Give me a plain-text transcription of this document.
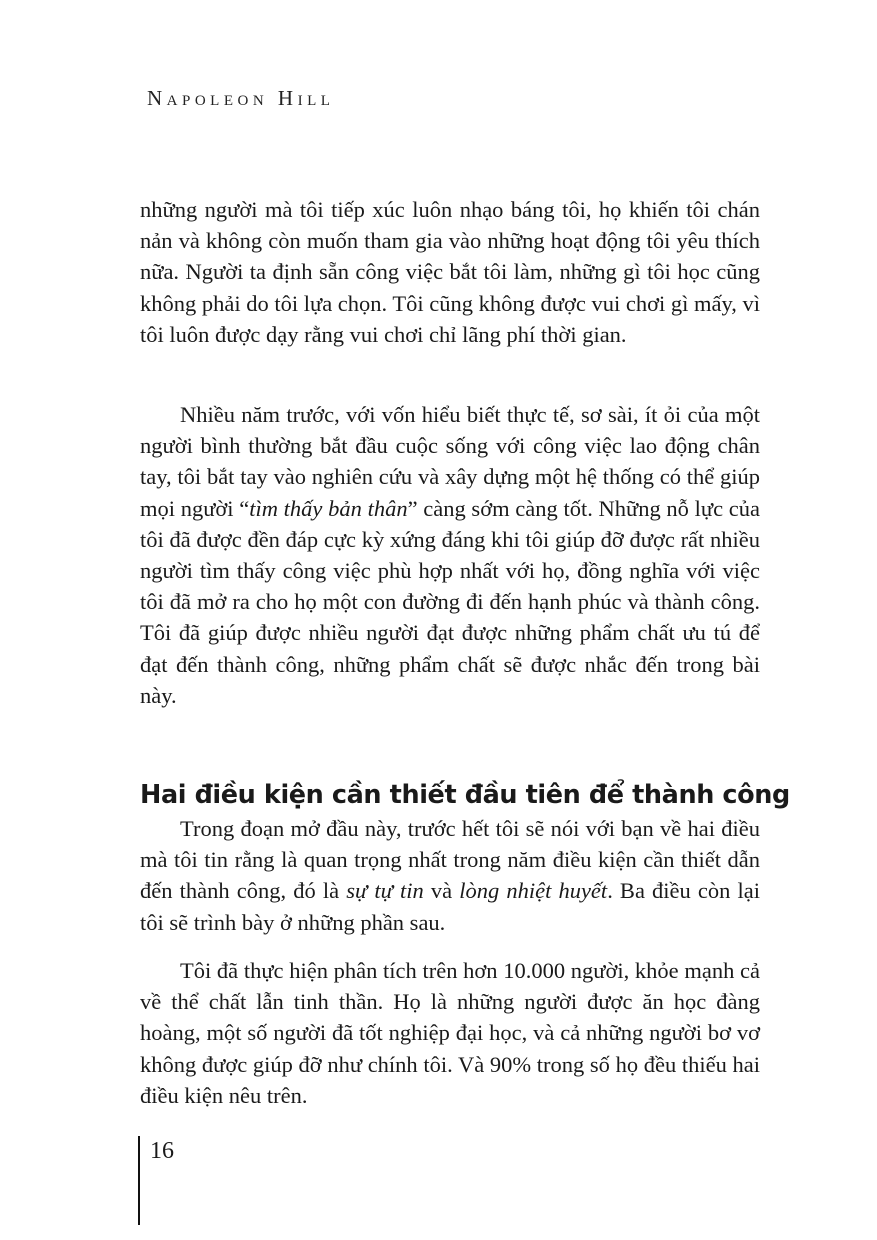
Napoleon Hill

những người mà tôi tiếp xúc luôn nhạo báng tôi, họ khiến tôi chán nản và không còn muốn tham gia vào những hoạt động tôi yêu thích nữa. Người ta định sẵn công việc bắt tôi làm, những gì tôi học cũng không phải do tôi lựa chọn. Tôi cũng không được vui chơi gì mấy, vì tôi luôn được dạy rằng vui chơi chỉ lãng phí thời gian.

Nhiều năm trước, với vốn hiểu biết thực tế, sơ sài, ít ỏi của một người bình thường bắt đầu cuộc sống với công việc lao động chân tay, tôi bắt tay vào nghiên cứu và xây dựng một hệ thống có thể giúp mọi người “tìm thấy bản thân” càng sớm càng tốt. Những nỗ lực của tôi đã được đền đáp cực kỳ xứng đáng khi tôi giúp đỡ được rất nhiều người tìm thấy công việc phù hợp nhất với họ, đồng nghĩa với việc tôi đã mở ra cho họ một con đường đi đến hạnh phúc và thành công. Tôi đã giúp được nhiều người đạt được những phẩm chất ưu tú để đạt đến thành công, những phẩm chất sẽ được nhắc đến trong bài này.

Hai điều kiện cần thiết đầu tiên để thành công

Trong đoạn mở đầu này, trước hết tôi sẽ nói với bạn về hai điều mà tôi tin rằng là quan trọng nhất trong năm điều kiện cần thiết dẫn đến thành công, đó là sự tự tin và lòng nhiệt huyết. Ba điều còn lại tôi sẽ trình bày ở những phần sau.

Tôi đã thực hiện phân tích trên hơn 10.000 người, khỏe mạnh cả về thể chất lẫn tinh thần. Họ là những người được ăn học đàng hoàng, một số người đã tốt nghiệp đại học, và cả những người bơ vơ không được giúp đỡ như chính tôi. Và 90% trong số họ đều thiếu hai điều kiện nêu trên.

16
